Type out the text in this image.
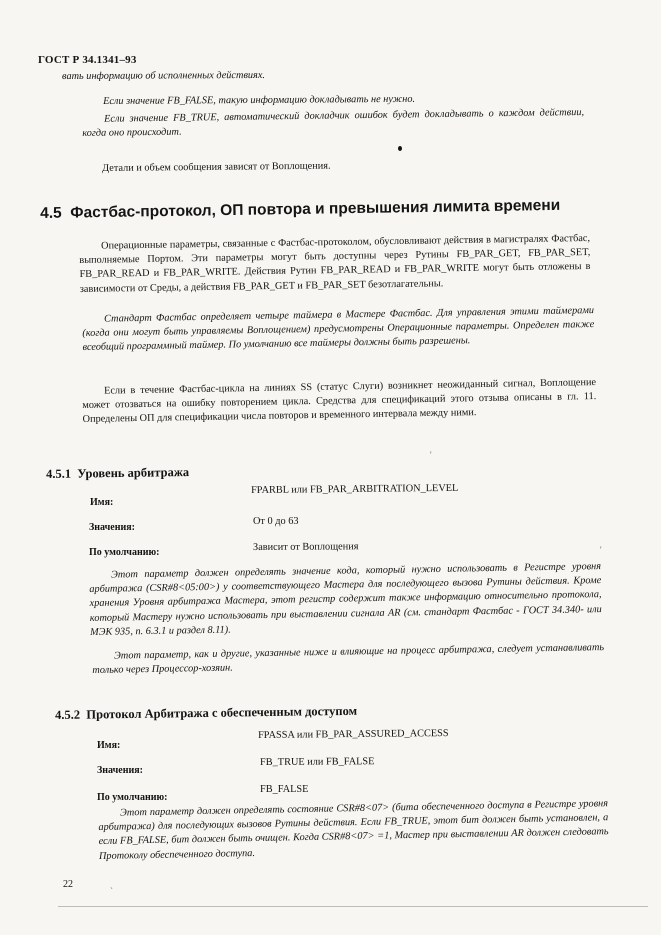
ГОСТ Р 34.1341–93
вать информацию об исполненных действиях.
Если значение FB_FALSE, такую информацию докладывать не нужно.
Если значение FB_TRUE, автоматический докладчик ошибок будет докладывать о каждом действии, когда оно происходит.
Детали и объем сообщения зависят от Воплощения.
4.5 Фастбас-протокол, ОП повтора и превышения лимита времени
Операционные параметры, связанные с Фастбас-протоколом, обусловливают действия в магистралях Фастбас, выполняемые Портом. Эти параметры могут быть доступны через Рутины FB_PAR_GET, FB_PAR_SET, FB_PAR_READ и FB_PAR_WRITE. Действия Рутин FB_PAR_READ и FB_PAR_WRITE могут быть отложены в зависимости от Среды, а действия FB_PAR_GET и FB_PAR_SET безотлагательны.
Стандарт Фастбас определяет четыре таймера в Мастере Фастбас. Для управления этими таймерами (когда они могут быть управляемы Воплощением) предусмотрены Операционные параметры. Определен также всеобщий программный таймер. По умолчанию все таймеры должны быть разрешены.
Если в течение Фастбас-цикла на линиях SS (статус Слуги) возникнет неожиданный сигнал, Воплощение может отозваться на ошибку повторением цикла. Средства для спецификаций этого отзыва описаны в гл. 11. Определены ОП для спецификации числа повторов и временного интервала между ними.
'
4.5.1 Уровень арбитража
Имя:
FPARBL или FB_PAR_ARBITRATION_LEVEL
Значения:
От 0 до 63
По умолчанию:	Зависит от Воплощения	'
Этот параметр должен определять значение кода, который нужно использовать в Регистре уровня арбитража (CSR#8<05:00>) у соответствующего Мастера для последующего вызова Рутины действия. Кроме хранения Уровня арбитража Мастера, этот регистр содержит также информацию относительно протокола, который Мастеру нужно использовать при выставлении сигнала AR (см. стандарт Фастбас - ГОСТ 34.340- или МЭК 935, п. 6.3.1 и раздел 8.11).
Этот параметр, как и другие, указанные ниже и влияющие на процесс арбитража, следует устанавливать только через Процессор-хозяин.
4.5.2 Протокол Арбитража с обеспеченным доступом
Имя:
FPASSA или FB_PAR_ASSURED_ACCESS
Значения:
FB_TRUE или FB_FALSE
По умолчанию:
FB_FALSE
Этот параметр должен определять состояние CSR#8<07> (бита обеспеченного доступа в Регистре уровня арбитража) для последующих вызовов Рутины действия. Если FB_TRUE, этот бит должен быть установлен, а если FB_FALSE, бит должен быть очищен. Когда CSR#8<07> =1, Мастер при выставлении AR должен следовать Протоколу обеспеченного доступа.
22
`
